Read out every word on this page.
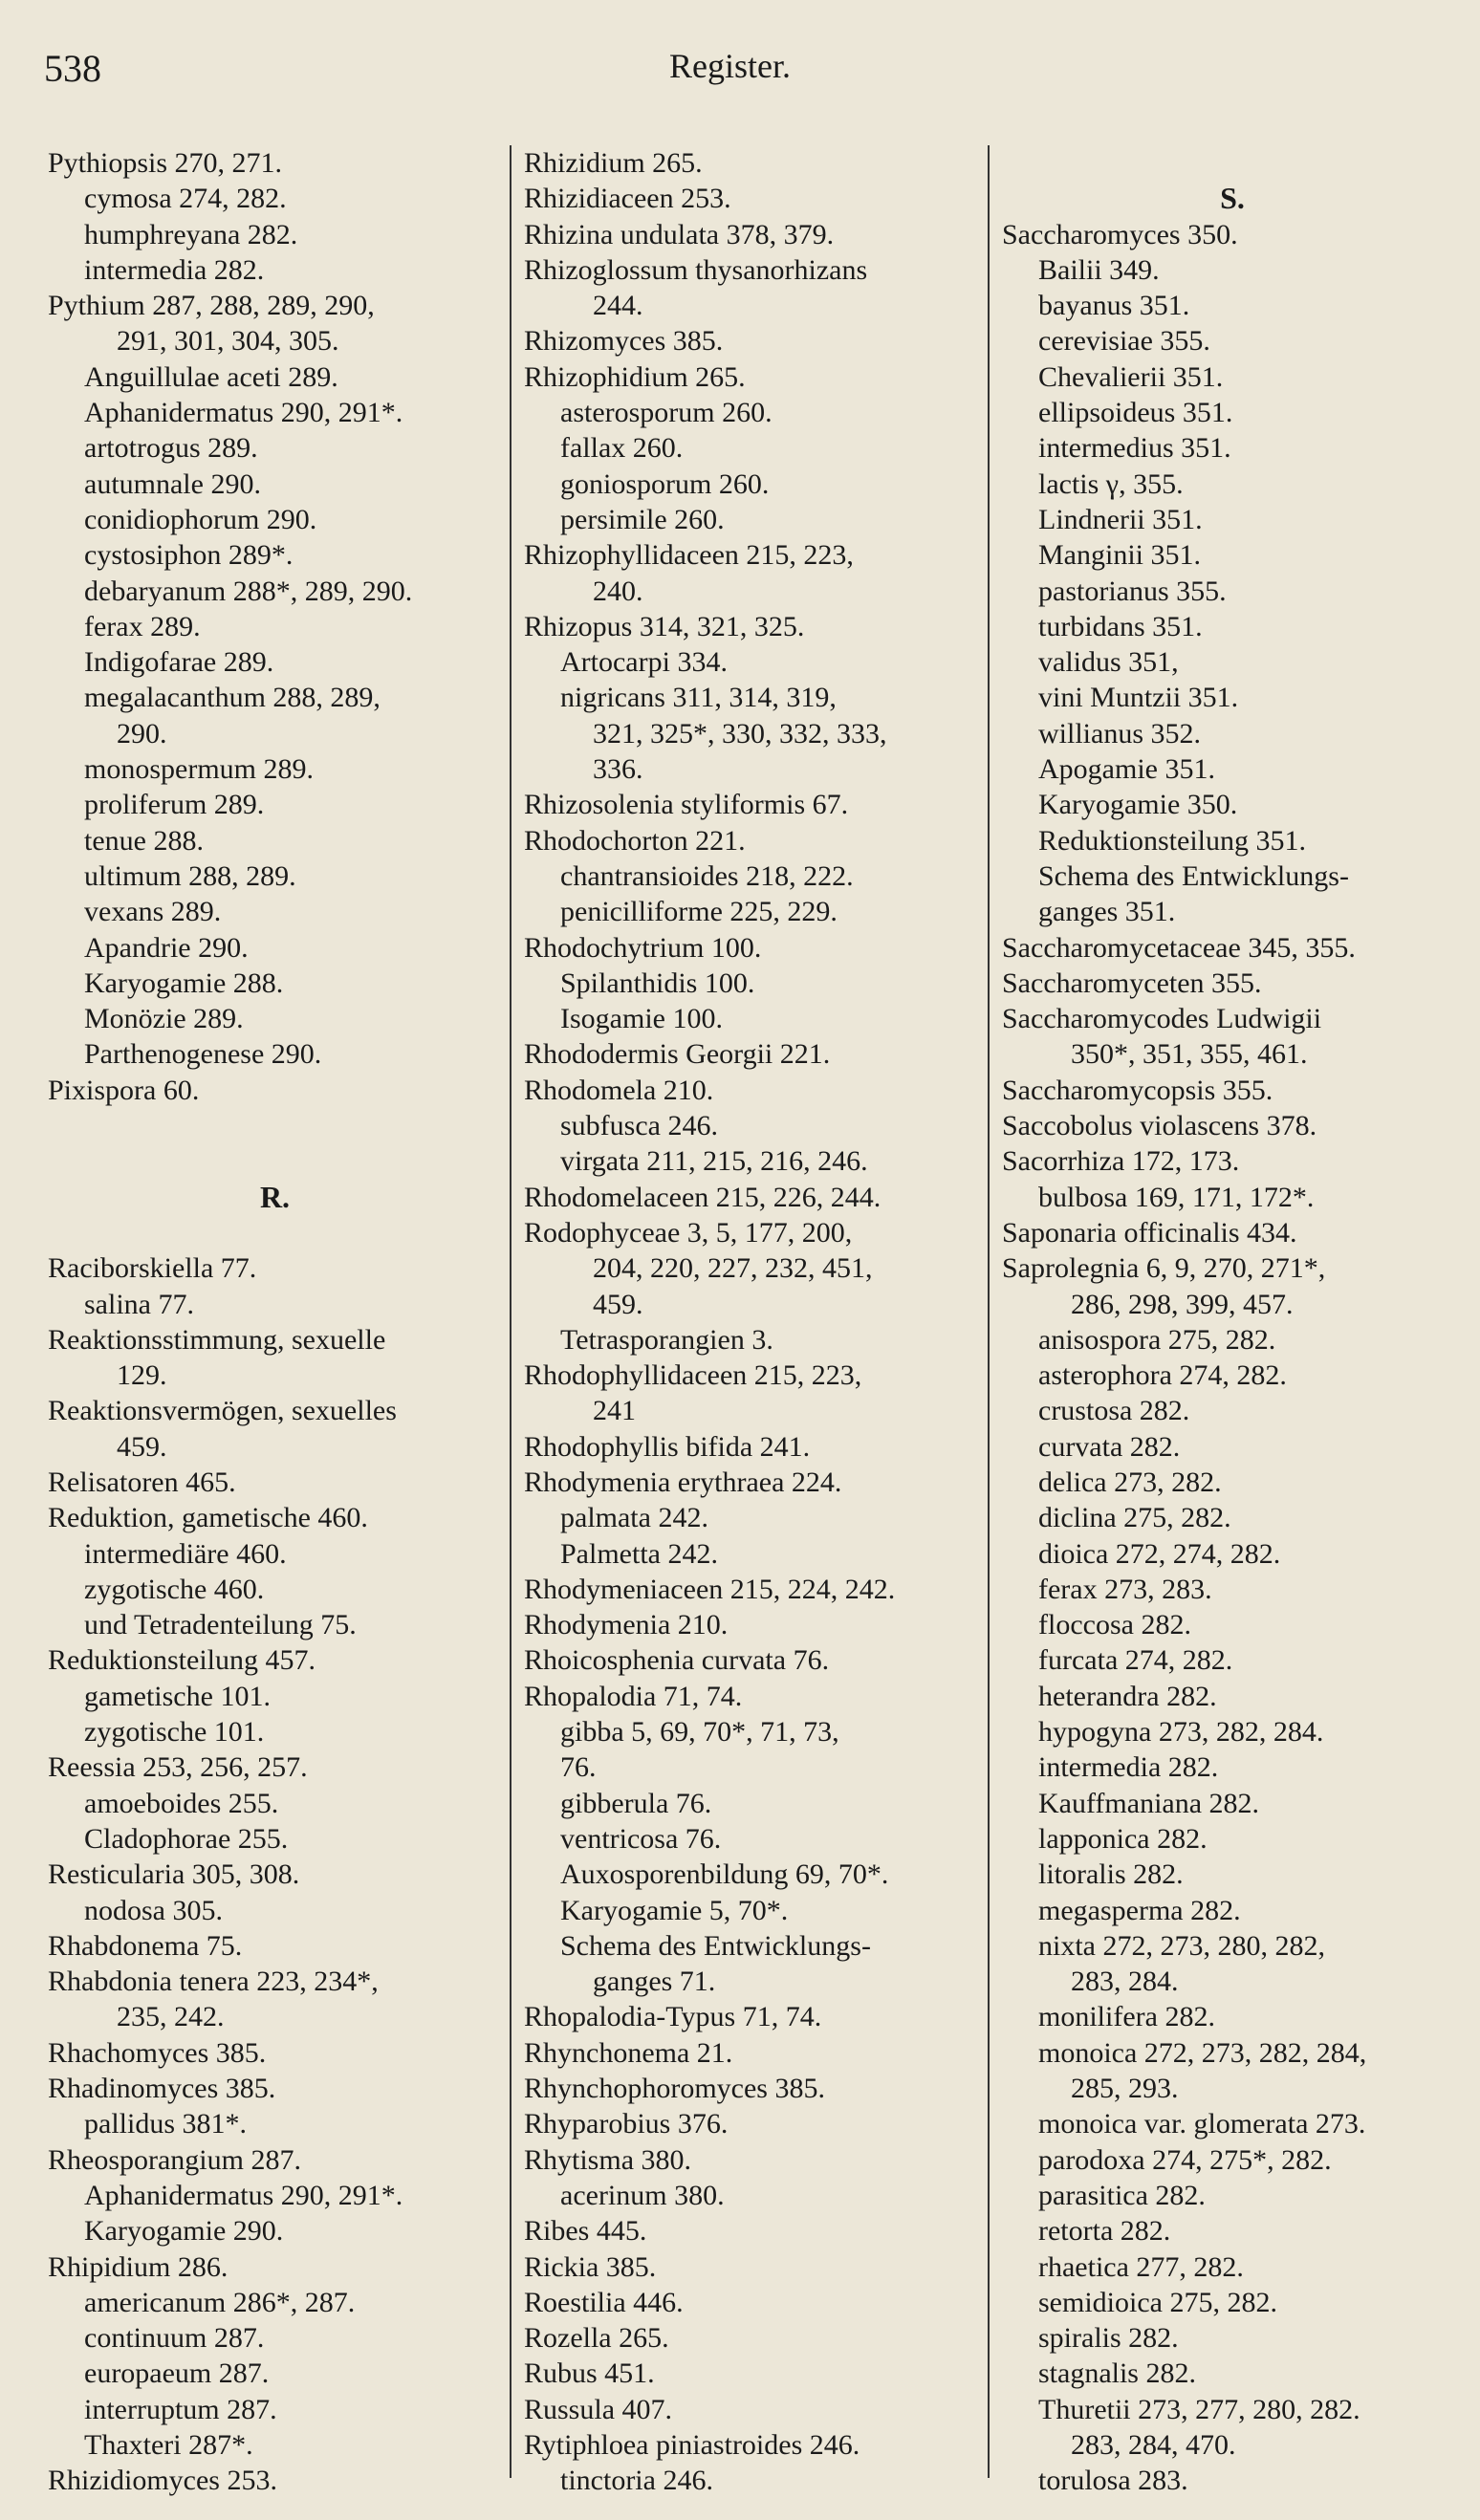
538	Register.
Pythiopsis 270, 271.
cymosa 274, 282.
humphreyana 282.
intermedia 282.
Pythium 287, 288, 289, 290,
291, 301, 304, 305.
Anguillulae aceti 289.
Aphanidermatus 290, 291*.
artotrogus 289.
autumnale 290.
conidiophorum 290.
cystosiphon 289*.
debaryanum 288*, 289, 290.
ferax 289.
Indigofarae 289.
megalacanthum 288, 289,
290.
monospermum 289.
proliferum 289.
tenue 288.
ultimum 288, 289.
vexans 289.
Apandrie 290.
Karyogamie 288.
Monözie 289.
Parthenogenese 290.
Pixispora 60.
R.
Raciborskiella 77.
salina 77.
Reaktionsstimmung, sexuelle
129.
Reaktionsvermögen, sexuelles
459.
Relisatoren 465.
Reduktion, gametische 460.
intermediäre 460.
zygotische 460.
und Tetradenteilung 75.
Reduktionsteilung 457.
gametische 101.
zygotische 101.
Reessia 253, 256, 257.
amoeboides 255.
Cladophorae 255.
Resticularia 305, 308.
nodosa 305.
Rhabdonema 75.
Rhabdonia tenera 223, 234*,
235, 242.
Rhachomyces 385.
Rhadinomyces 385.
pallidus 381*.
Rheosporangium 287.
Aphanidermatus 290, 291*.
Karyogamie 290.
Rhipidium 286.
americanum 286*, 287.
continuum 287.
europaeum 287.
interruptum 287.
Thaxteri 287*.
Rhizidiomyces 253.
Rhizidium 265.
Rhizidiaceen 253.
Rhizina undulata 378, 379.
Rhizoglossum thysanorhizans
244.
Rhizomyces 385.
Rhizophidium 265.
asterosporum 260.
fallax 260.
goniosporum 260.
persimile 260.
Rhizophyllidaceen 215, 223,
240.
Rhizopus 314, 321, 325.
Artocarpi 334.
nigricans 311, 314, 319,
321, 325*, 330, 332, 333,
336.
Rhizosolenia styliformis 67.
Rhodochorton 221.
chantransioides 218, 222.
penicilliforme 225, 229.
Rhodochytrium 100.
Spilanthidis 100.
Isogamie 100.
Rhododermis Georgii 221.
Rhodomela 210.
subfusca 246.
virgata 211, 215, 216, 246.
Rhodomelaceen 215, 226, 244.
Rodophyceae 3, 5, 177, 200,
204, 220, 227, 232, 451,
459.
Tetrasporangien 3.
Rhodophyllidaceen 215, 223,
241
Rhodophyllis bifida 241.
Rhodymenia erythraea 224.
palmata 242.
Palmetta 242.
Rhodymeniaceen 215, 224, 242.
Rhodymenia 210.
Rhoicosphenia curvata 76.
Rhopalodia 71, 74.
gibba 5, 69, 70*, 71, 73,
76.
gibberula 76.
ventricosa 76.
Auxosporenbildung 69, 70*.
Karyogamie 5, 70*.
Schema des Entwicklungs-
ganges 71.
Rhopalodia-Typus 71, 74.
Rhynchonema 21.
Rhynchophoromyces 385.
Rhyparobius 376.
Rhytisma 380.
acerinum 380.
Ribes 445.
Rickia 385.
Roestilia 446.
Rozella 265.
Rubus 451.
Russula 407.
Rytiphloea piniastroides 246.
tinctoria 246.
S.
Saccharomyces 350.
Bailii 349.
bayanus 351.
cerevisiae 355.
Chevalierii 351.
ellipsoideus 351.
intermedius 351.
lactis γ, 355.
Lindnerii 351.
Manginii 351.
pastorianus 355.
turbidans 351.
validus 351,
vini Muntzii 351.
willianus 352.
Apogamie 351.
Karyogamie 350.
Reduktionsteilung 351.
Schema des Entwicklungs-
ganges 351.
Saccharomycetaceae 345, 355.
Saccharomyceten 355.
Saccharomycodes Ludwigii
350*, 351, 355, 461.
Saccharomycopsis 355.
Saccobolus violascens 378.
Sacorrhiza 172, 173.
bulbosa 169, 171, 172*.
Saponaria officinalis 434.
Saprolegnia 6, 9, 270, 271*,
286, 298, 399, 457.
anisospora 275, 282.
asterophora 274, 282.
crustosa 282.
curvata 282.
delica 273, 282.
diclina 275, 282.
dioica 272, 274, 282.
ferax 273, 283.
floccosa 282.
furcata 274, 282.
heterandra 282.
hypogyna 273, 282, 284.
intermedia 282.
Kauffmaniana 282.
lapponica 282.
litoralis 282.
megasperma 282.
nixta 272, 273, 280, 282,
283, 284.
monilifera 282.
monoica 272, 273, 282, 284,
285, 293.
monoica var. glomerata 273.
parodoxa 274, 275*, 282.
parasitica 282.
retorta 282.
rhaetica 277, 282.
semidioica 275, 282.
spiralis 282.
stagnalis 282.
Thuretii 273, 277, 280, 282.
283, 284, 470.
torulosa 283.
